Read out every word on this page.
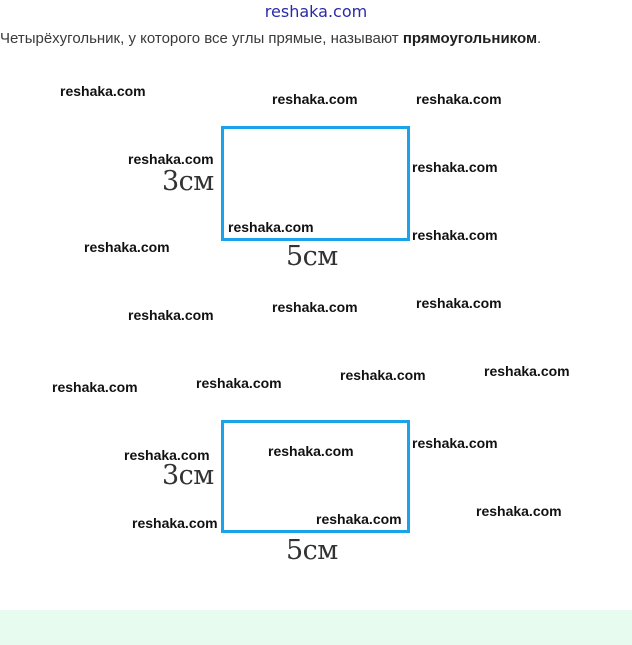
reshaka.com
Четырёхугольник, у которого все углы прямые, называют прямоугольником.
3см
5см
3см
5см
reshaka.com	reshaka.com	reshaka.com
reshaka.com	reshaka.com
reshaka.com	reshaka.com
reshaka.com
reshaka.com
reshaka.com
reshaka.com
reshaka.com
reshaka.com
reshaka.com
reshaka.com
reshaka.com
reshaka.com
reshaka.com
reshaka.com
reshaka.com
reshaka.com
